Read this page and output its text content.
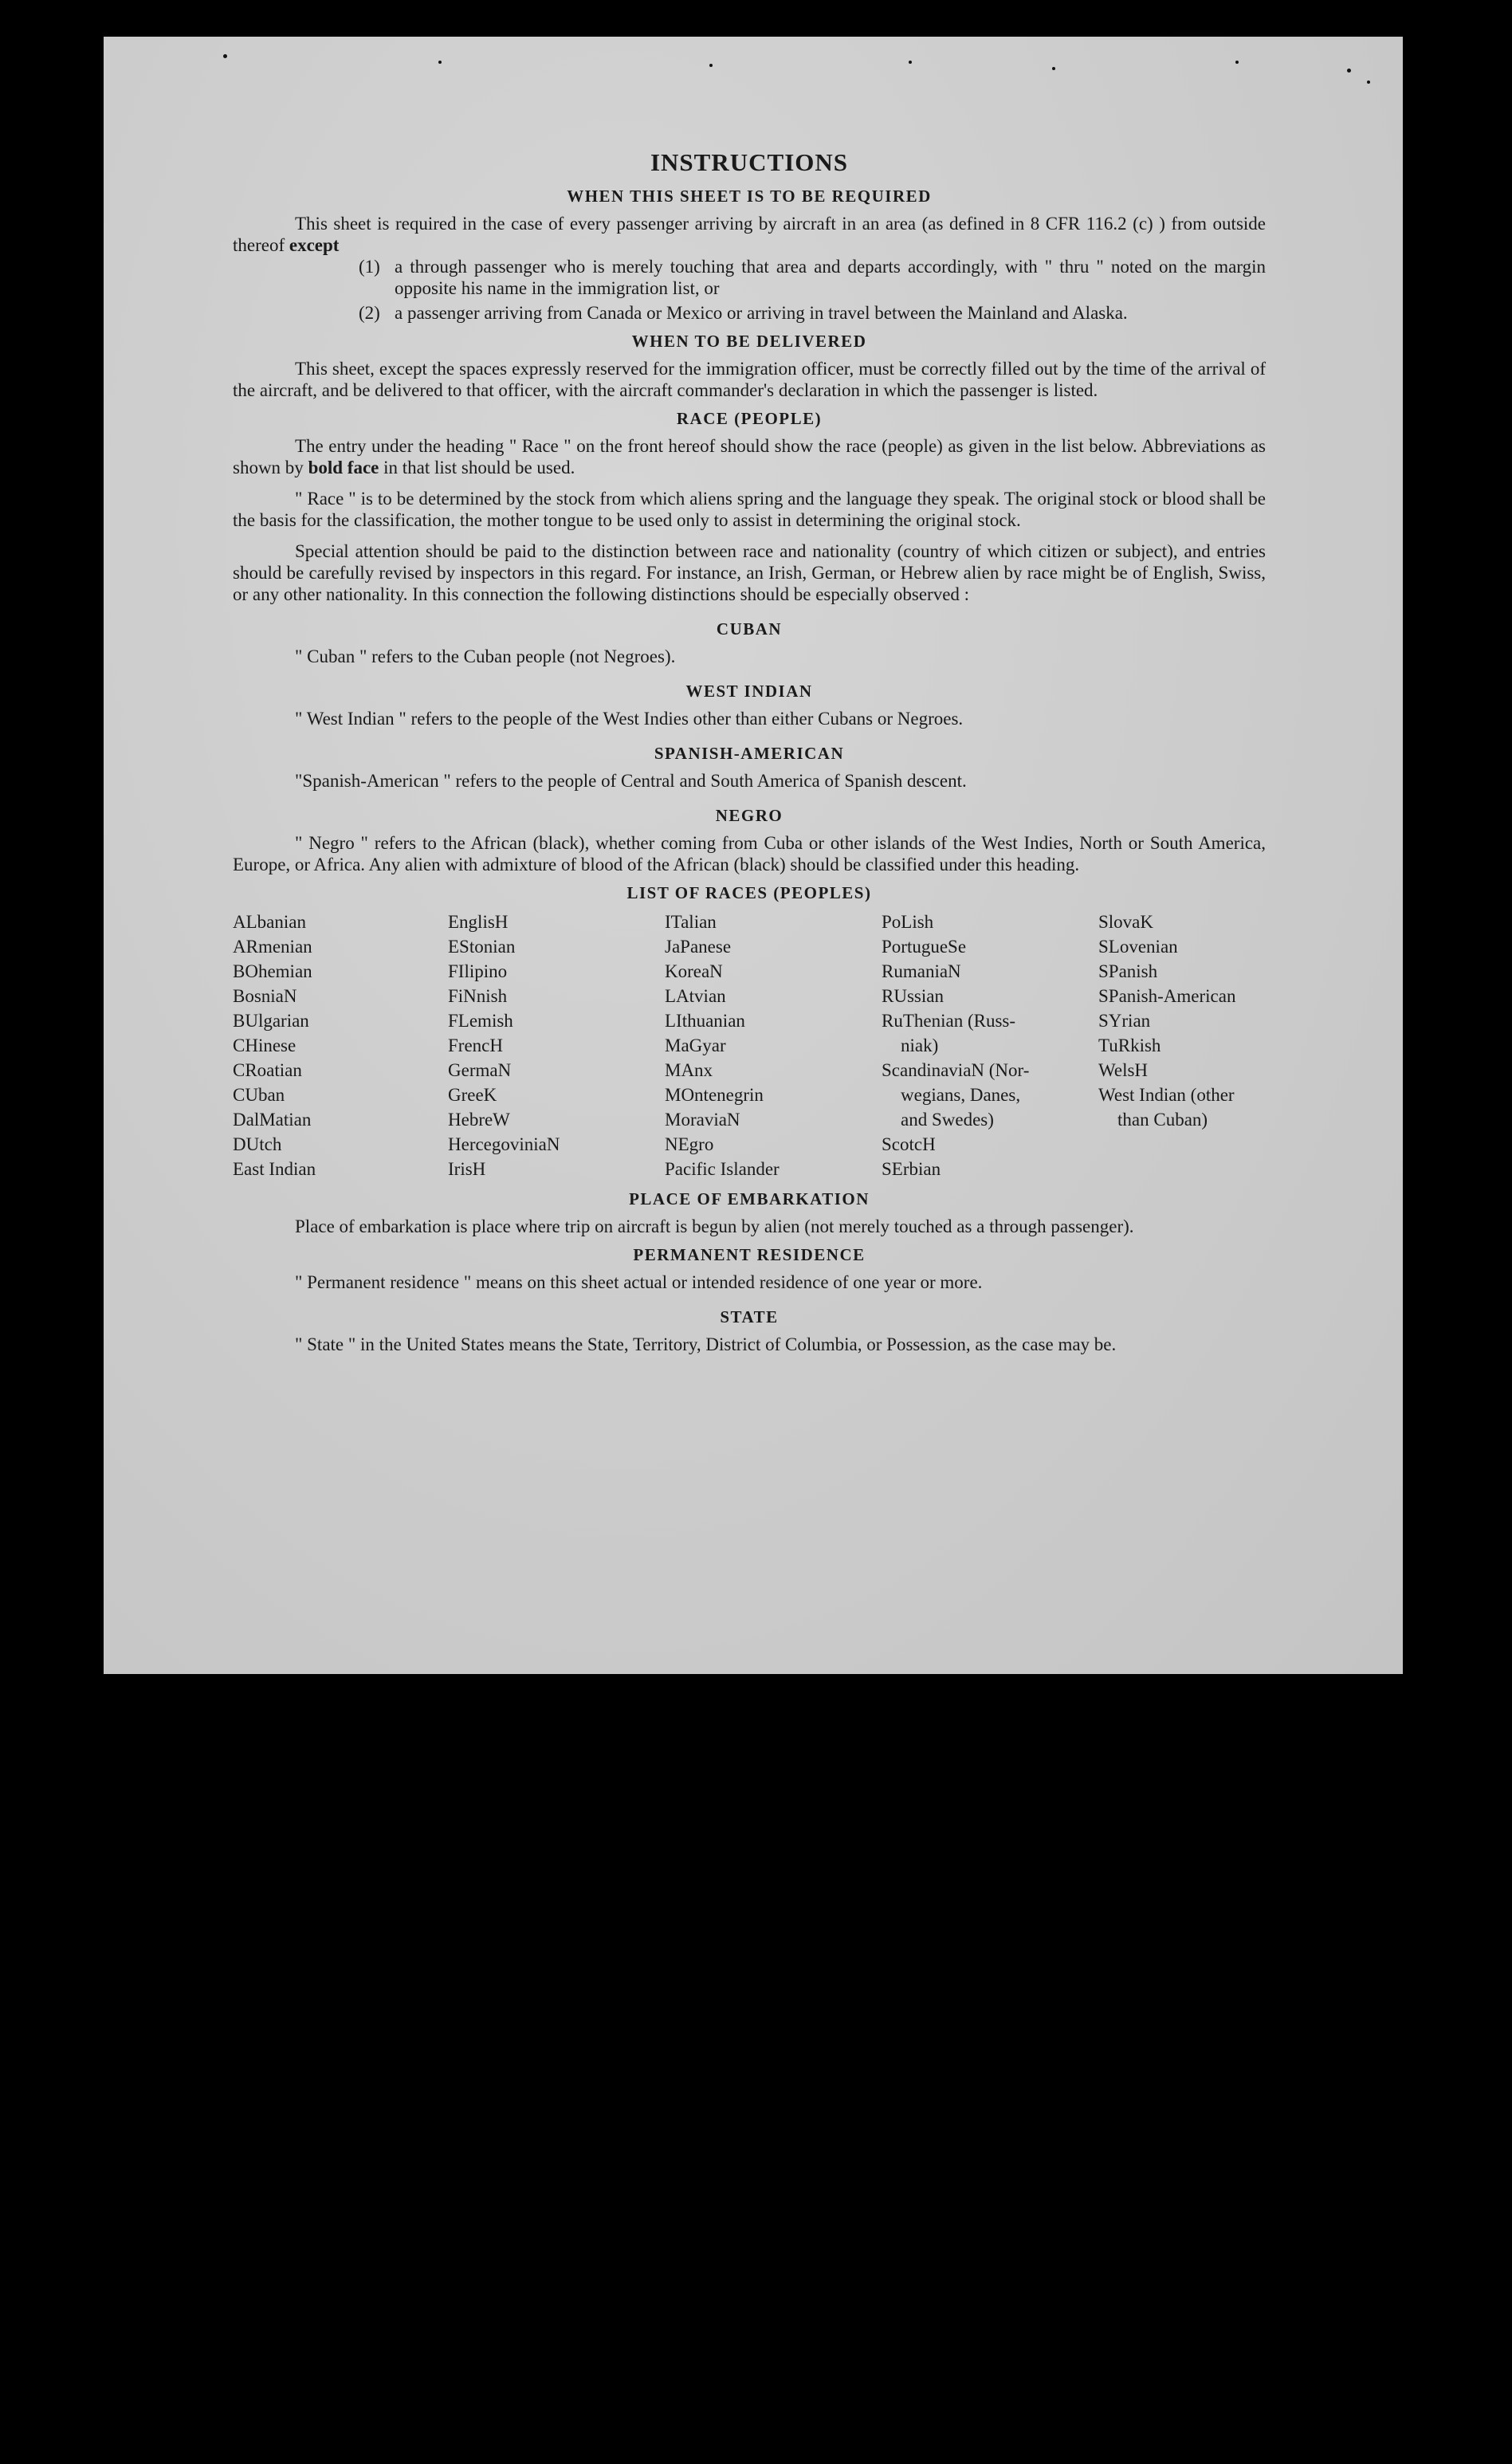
INSTRUCTIONS
WHEN THIS SHEET IS TO BE REQUIRED

This sheet is required in the case of every passenger arriving by aircraft in an area (as defined in 8 CFR 116.2 (c) ) from outside thereof except

(1) a through passenger who is merely touching that area and departs accordingly, with " thru " noted on the margin opposite his name in the immigration list, or
(2) a passenger arriving from Canada or Mexico or arriving in travel between the Mainland and Alaska.
WHEN TO BE DELIVERED

This sheet, except the spaces expressly reserved for the immigration officer, must be correctly filled out by the time of the arrival of the aircraft, and be delivered to that officer, with the aircraft commander's declaration in which the passenger is listed.

RACE (PEOPLE)

The entry under the heading " Race " on the front hereof should show the race (people) as given in the list below. Abbreviations as shown by bold face in that list should be used.

" Race " is to be determined by the stock from which aliens spring and the language they speak. The original stock or blood shall be the basis for the classification, the mother tongue to be used only to assist in determining the original stock.

Special attention should be paid to the distinction between race and nationality (country of which citizen or subject), and entries should be carefully revised by inspectors in this regard. For instance, an Irish, German, or Hebrew alien by race might be of English, Swiss, or any other nationality. In this connection the following distinctions should be especially observed :

CUBAN

" Cuban " refers to the Cuban people (not Negroes).

WEST INDIAN

" West Indian " refers to the people of the West Indies other than either Cubans or Negroes.

SPANISH-AMERICAN

"Spanish-American " refers to the people of Central and South America of Spanish descent.

NEGRO

" Negro " refers to the African (black), whether coming from Cuba or other islands of the West Indies, North or South America, Europe, or Africa. Any alien with admixture of blood of the African (black) should be classified under this heading.

LIST OF RACES (PEOPLES)
ALbanian
ARmenian
BOhemian
BosniaN
BUlgarian
CHinese
CRoatian
CUban
DalMatian
DUtch
East Indian
EnglisH
EStonian
FIlipino
FiNnish
FLemish
FrencH
GermaN
GreeK
HebreW
HercegoviniaN
IrisH
ITalian
JaPanese
KoreaN
LAtvian
LIthuanian
MaGyar
MAnx
MOntenegrin
MoraviaN
NEgro
Pacific Islander
PoLish
PortugueSe
RumaniaN
RUssian
RuThenian (Russ-
niak)
ScandinaviaN (Nor-
wegians, Danes,
and Swedes)
ScotcH
SErbian
SlovaK
SLovenian
SPanish
SPanish-American
SYrian
TuRkish
WelsH
West Indian (other
than Cuban)
PLACE OF EMBARKATION

Place of embarkation is place where trip on aircraft is begun by alien (not merely touched as a through passenger).

PERMANENT RESIDENCE

" Permanent residence " means on this sheet actual or intended residence of one year or more.

STATE

" State " in the United States means the State, Territory, District of Columbia, or Possession, as the case may be.
